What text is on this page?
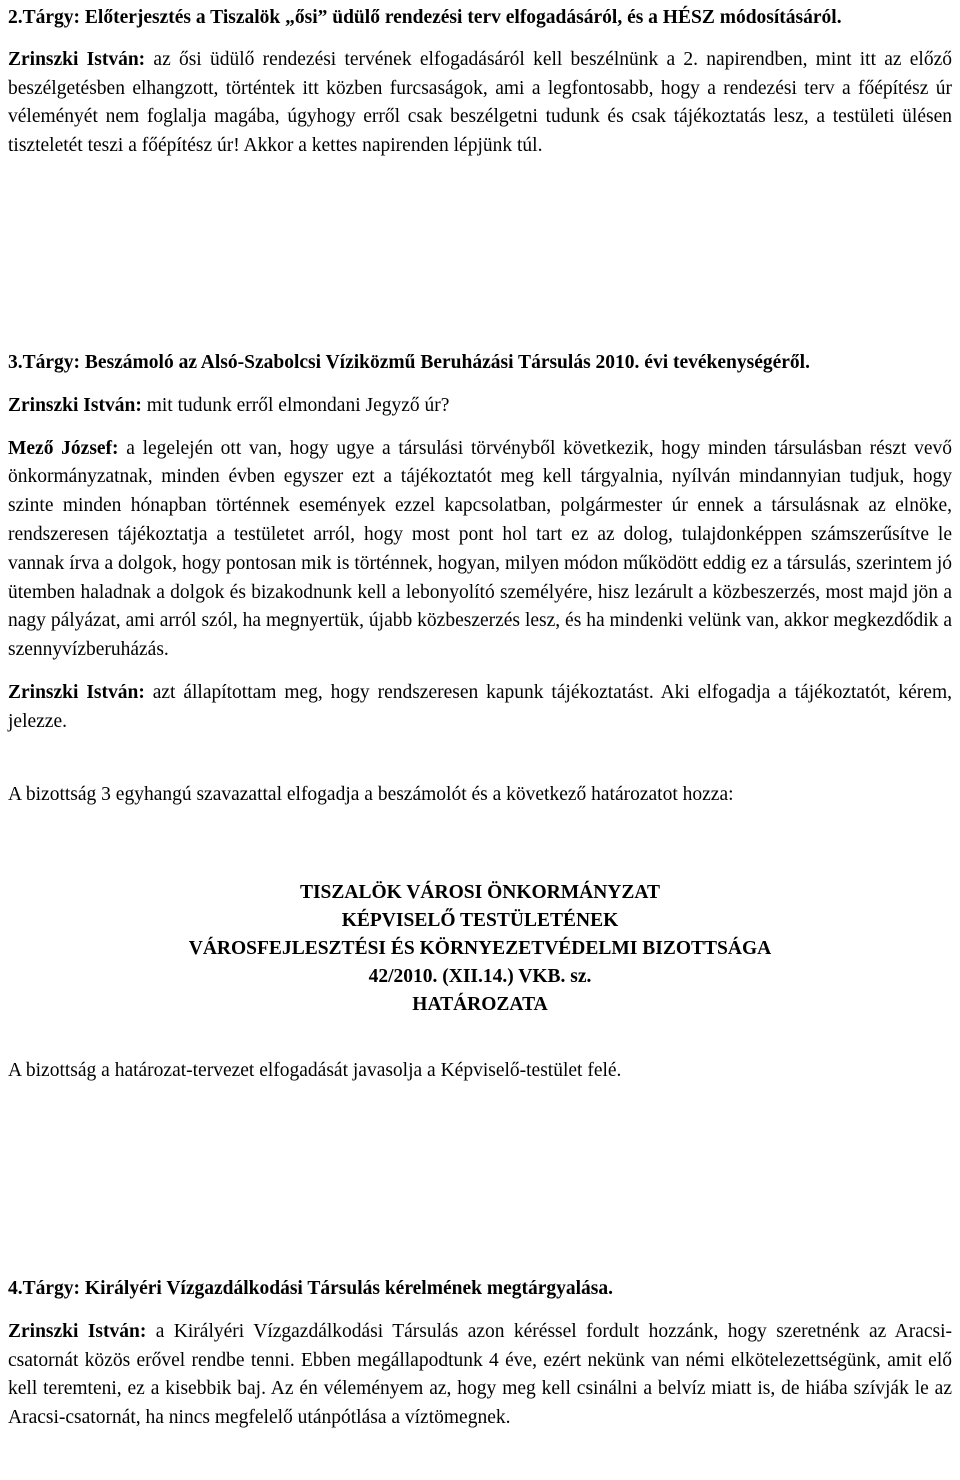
2.Tárgy: Előterjesztés a Tiszalök „ősi” üdülő rendezési terv elfogadásáról, és a HÉSZ módosításáról.

Zrinszki István: az ősi üdülő rendezési tervének elfogadásáról kell beszélnünk a 2. napirendben, mint itt az előző beszélgetésben elhangzott, történtek itt közben furcsaságok, ami a legfontosabb, hogy a rendezési terv a főépítész úr véleményét nem foglalja magába, úgyhogy erről csak beszélgetni tudunk és csak tájékoztatás lesz, a testületi ülésen tiszteletét teszi a főépítész úr! Akkor a kettes napirenden lépjünk túl.

3.Tárgy: Beszámoló az Alsó-Szabolcsi Víziközmű Beruházási Társulás 2010. évi tevékenységéről.

Zrinszki István: mit tudunk erről elmondani Jegyző úr?

Mező József: a legelején ott van, hogy ugye a társulási törvényből következik, hogy minden társulásban részt vevő önkormányzatnak, minden évben egyszer ezt a tájékoztatót meg kell tárgyalnia, nyílván mindannyian tudjuk, hogy szinte minden hónapban történnek események ezzel kapcsolatban, polgármester úr ennek a társulásnak az elnöke, rendszeresen tájékoztatja a testületet arról, hogy most pont hol tart ez az dolog, tulajdonképpen számszerűsítve le vannak írva a dolgok, hogy pontosan mik is történnek, hogyan, milyen módon működött eddig ez a társulás, szerintem jó ütemben haladnak a dolgok és bizakodnunk kell a lebonyolító személyére, hisz lezárult a közbeszerzés, most majd jön a nagy pályázat, ami arról szól, ha megnyertük, újabb közbeszerzés lesz, és ha mindenki velünk van, akkor megkezdődik a szennyvízberuházás.

Zrinszki István: azt állapítottam meg, hogy rendszeresen kapunk tájékoztatást. Aki elfogadja a tájékoztatót, kérem, jelezze.

A bizottság 3 egyhangú szavazattal elfogadja a beszámolót és a következő határozatot hozza:

TISZALÖK VÁROSI ÖNKORMÁNYZAT
KÉPVISELŐ TESTÜLETÉNEK
VÁROSFEJLESZTÉSI ÉS KÖRNYEZETVÉDELMI BIZOTTSÁGA
42/2010. (XII.14.) VKB. sz.
HATÁROZATA

A bizottság a határozat-tervezet elfogadását javasolja a Képviselő-testület felé.

4.Tárgy: Királyéri Vízgazdálkodási Társulás kérelmének megtárgyalása.

Zrinszki István: a Királyéri Vízgazdálkodási Társulás azon kéréssel fordult hozzánk, hogy szeretnénk az Aracsi-csatornát közös erővel rendbe tenni. Ebben megállapodtunk 4 éve, ezért nekünk van némi elkötelezettségünk, amit elő kell teremteni, ez a kisebbik baj. Az én véleményem az, hogy meg kell csinálni a belvíz miatt is, de hiába szívják le az Aracsi-csatornát, ha nincs megfelelő utánpótlása a víztömegnek.
